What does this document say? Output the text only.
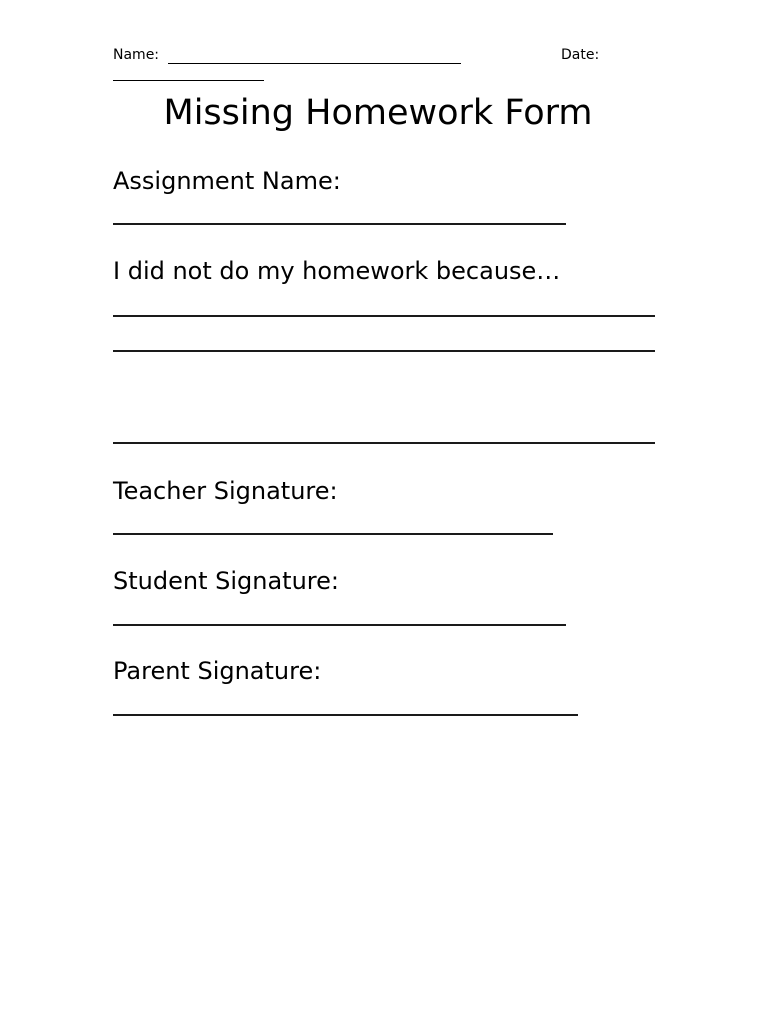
Name:	Date:
Missing Homework Form
Assignment Name:
I did not do my homework because…
Teacher Signature:
Student Signature:
Parent Signature:
